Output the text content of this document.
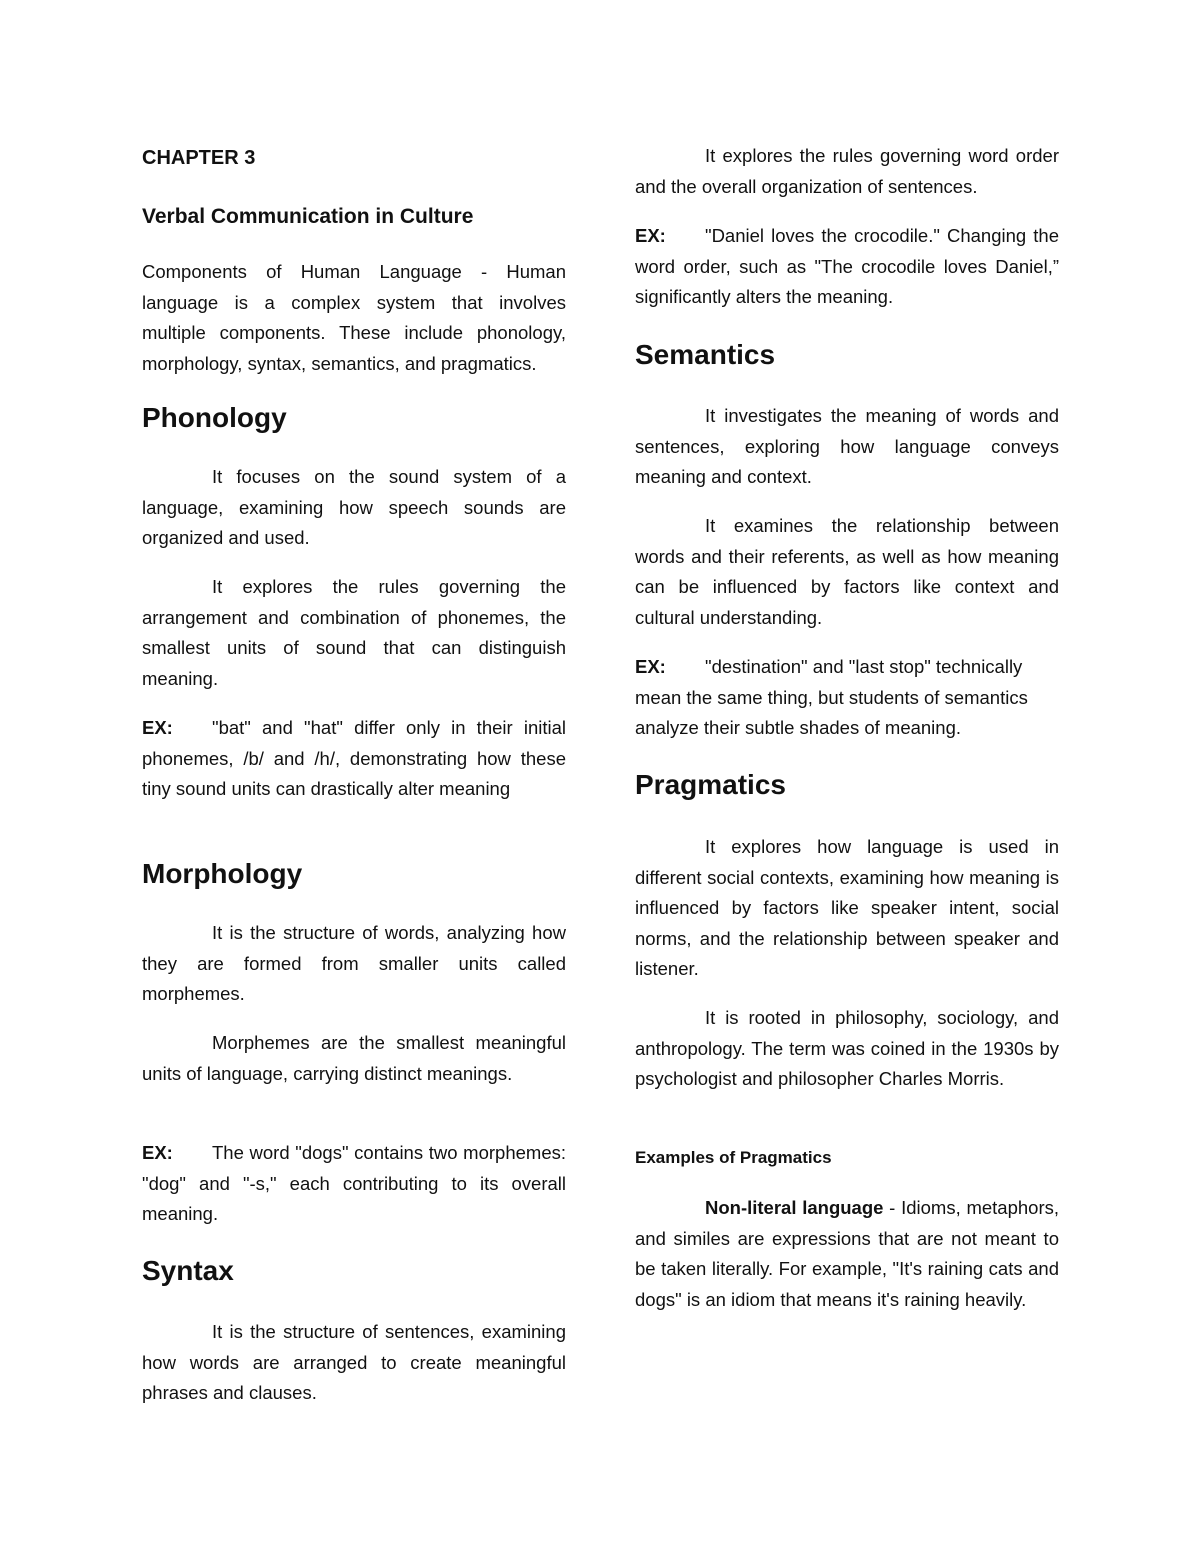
CHAPTER 3
Verbal Communication in Culture

Components of Human Language - Human language is a complex system that involves multiple components. These include phonology, morphology, syntax, semantics, and pragmatics.

Phonology

It focuses on the sound system of a language, examining how speech sounds are organized and used.

It explores the rules governing the arrangement and combination of phonemes, the smallest units of sound that can distinguish meaning.

EX: "bat" and "hat" differ only in their initial phonemes, /b/ and /h/, demonstrating how these tiny sound units can drastically alter meaning

Morphology

It is the structure of words, analyzing how they are formed from smaller units called morphemes.

Morphemes are the smallest meaningful units of language, carrying distinct meanings.

EX: The word "dogs" contains two morphemes: "dog" and "-s," each contributing to its overall meaning.

Syntax

It is the structure of sentences, examining how words are arranged to create meaningful phrases and clauses.

It explores the rules governing word order and the overall organization of sentences.

EX: "Daniel loves the crocodile." Changing the word order, such as "The crocodile loves Daniel,” significantly alters the meaning.

Semantics

It investigates the meaning of words and sentences, exploring how language conveys meaning and context.

It examines the relationship between words and their referents, as well as how meaning can be influenced by factors like context and cultural understanding.

EX: "destination" and "last stop" technically mean the same thing, but students of semantics analyze their subtle shades of meaning.

Pragmatics

It explores how language is used in different social contexts, examining how meaning is influenced by factors like speaker intent, social norms, and the relationship between speaker and listener.

It is rooted in philosophy, sociology, and anthropology. The term was coined in the 1930s by psychologist and philosopher Charles Morris.

Examples of Pragmatics

Non-literal language - Idioms, metaphors, and similes are expressions that are not meant to be taken literally. For example, "It's raining cats and dogs" is an idiom that means it's raining heavily.
